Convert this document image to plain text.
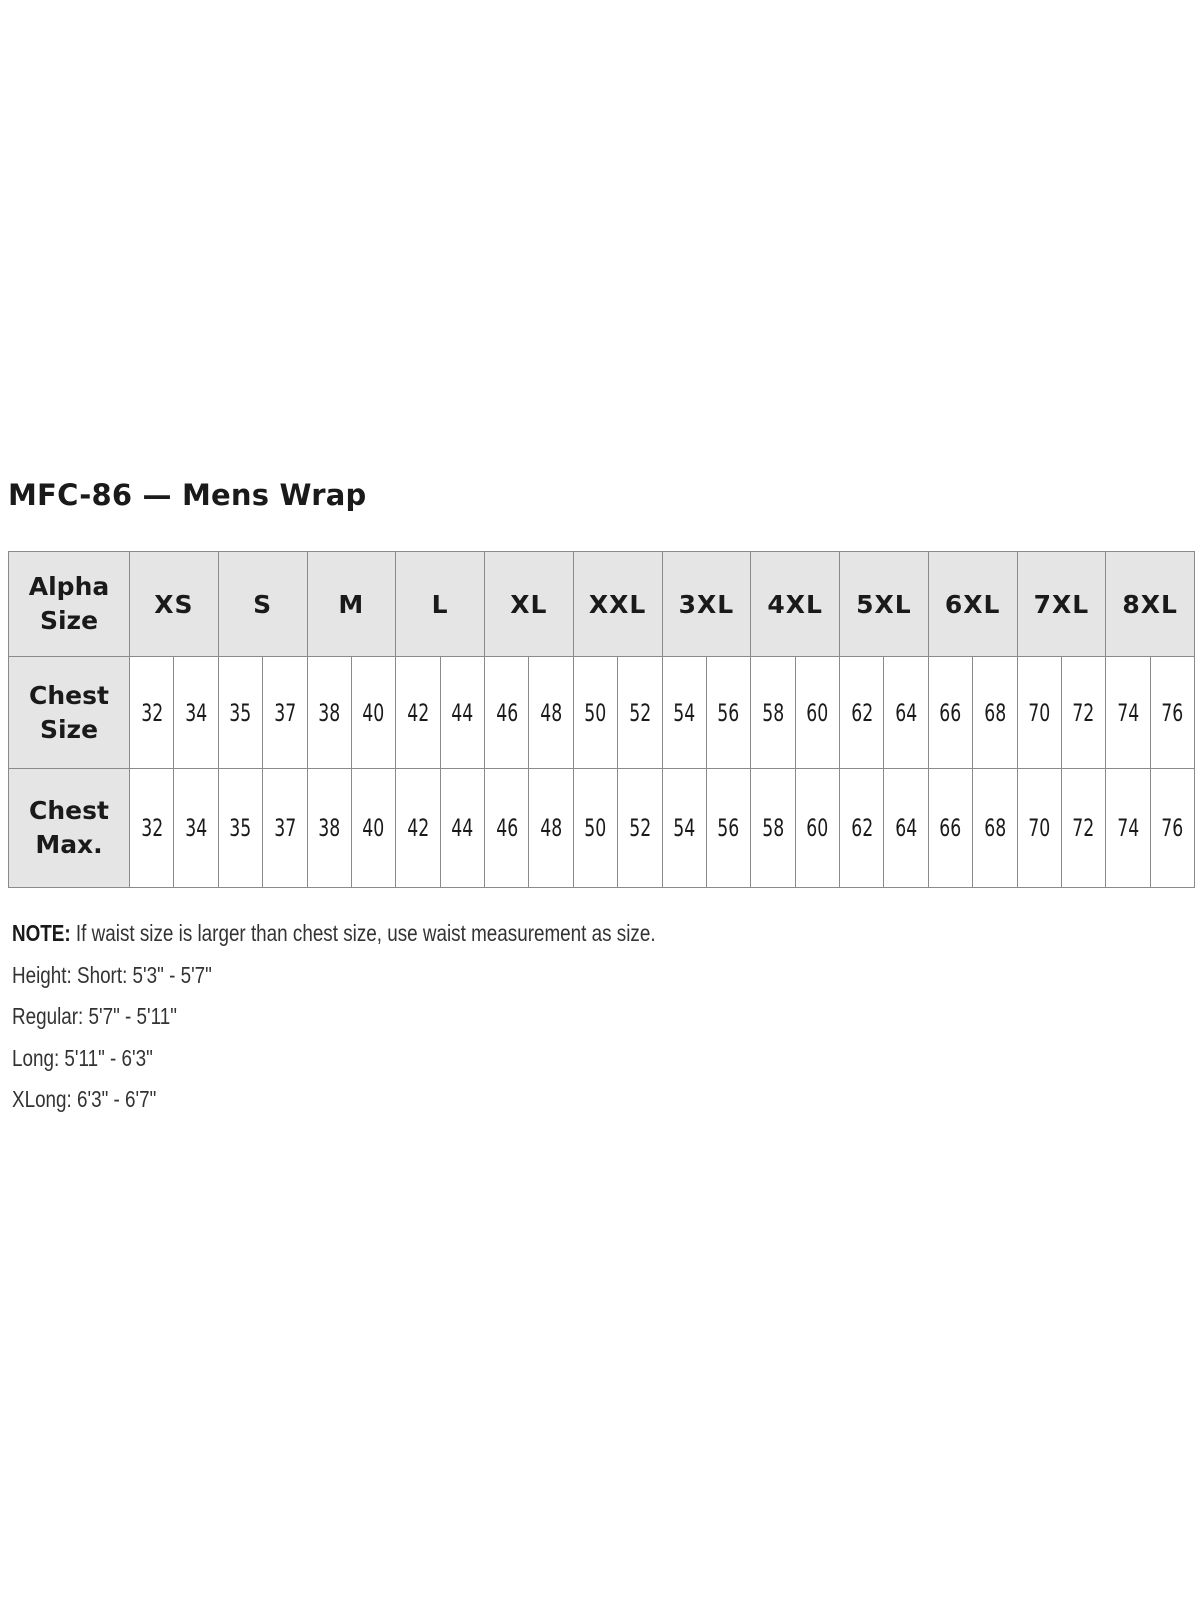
MFC-86 — Mens Wrap
Alpha
Size	XS		S		M		L		XL		XXL		3XL		4XL		5XL		6XL		7XL		8XL	

Chest
Size	32	34	35	37	38	40	42	44	46	48	50	52	54	56	58	60	62	64	66	68	70	72	74	76

Chest
Max.	32	34	35	37	38	40	42	44	46	48	50	52	54	56	58	60	62	64	66	68	70	72	74	76
NOTE: If waist size is larger than chest size, use waist measurement as size.
Height: Short: 5'3" - 5'7"
Regular: 5'7" - 5'11"
Long: 5'11" - 6'3"
XLong: 6'3" - 6'7"
